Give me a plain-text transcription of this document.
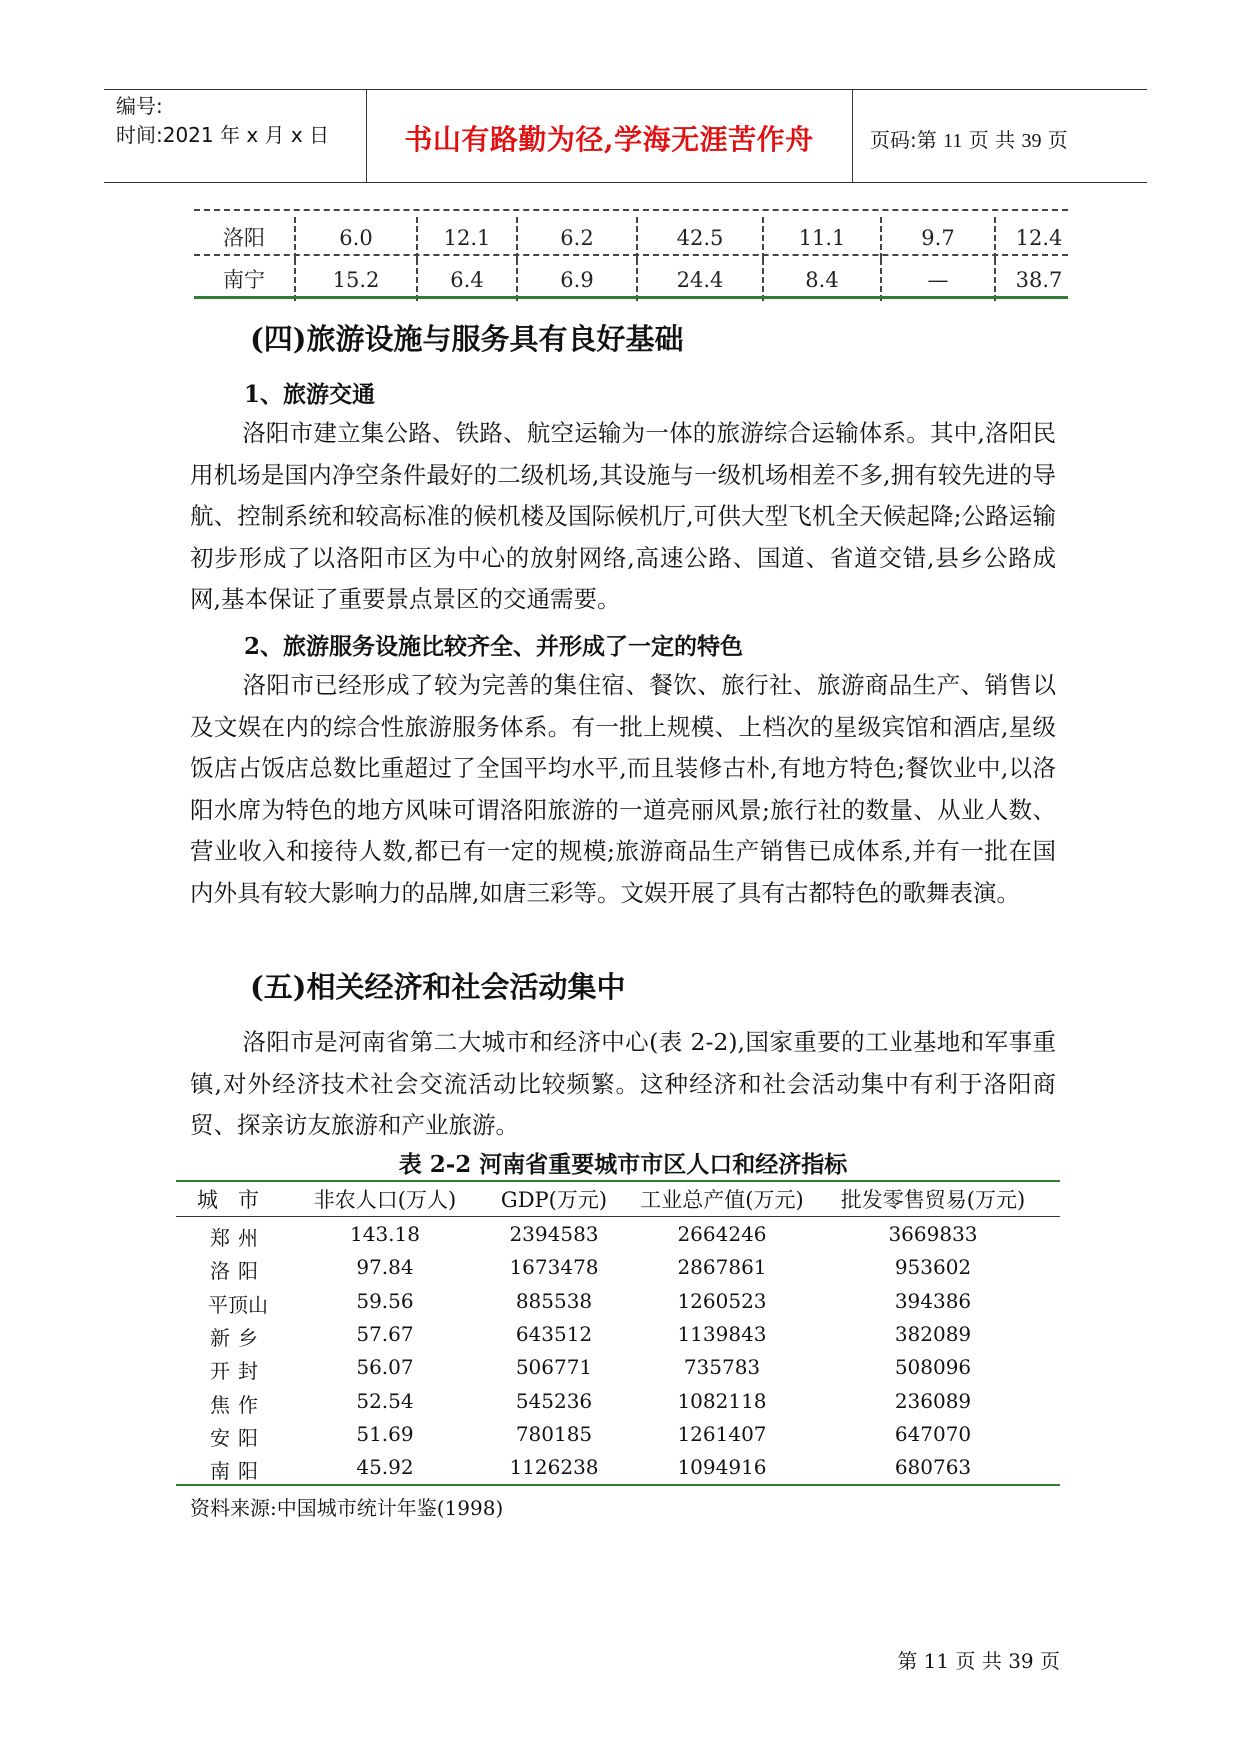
编号:
时间:2021 年 x 月 x 日	书山有路勤为径,学海无涯苦作舟	页码:第 11 页 共 39 页
洛阳	6.0	12.1	6.2	42.5	11.1	9.7	12.4
南宁	15.2	6.4	6.9	24.4	8.4	—	38.7
(四)旅游设施与服务具有良好基础
1、旅游交通
洛阳市建立集公路、铁路、航空运输为一体的旅游综合运输体系。其中,洛阳民用机场是国内净空条件最好的二级机场,其设施与一级机场相差不多,拥有较先进的导航、控制系统和较高标准的候机楼及国际候机厅,可供大型飞机全天候起降;公路运输初步形成了以洛阳市区为中心的放射网络,高速公路、国道、省道交错,县乡公路成网,基本保证了重要景点景区的交通需要。
2、旅游服务设施比较齐全、并形成了一定的特色
洛阳市已经形成了较为完善的集住宿、餐饮、旅行社、旅游商品生产、销售以及文娱在内的综合性旅游服务体系。有一批上规模、上档次的星级宾馆和酒店,星级饭店占饭店总数比重超过了全国平均水平,而且装修古朴,有地方特色;餐饮业中,以洛阳水席为特色的地方风味可谓洛阳旅游的一道亮丽风景;旅行社的数量、从业人数、营业收入和接待人数,都已有一定的规模;旅游商品生产销售已成体系,并有一批在国内外具有较大影响力的品牌,如唐三彩等。文娱开展了具有古都特色的歌舞表演。
(五)相关经济和社会活动集中
洛阳市是河南省第二大城市和经济中心(表 2-2),国家重要的工业基地和军事重镇,对外经济技术社会交流活动比较频繁。这种经济和社会活动集中有利于洛阳商贸、探亲访友旅游和产业旅游。
表 2-2 河南省重要城市市区人口和经济指标
城市	非农人口(万人)	GDP(万元)	工业总产值(万元)	批发零售贸易(万元)
郑州	143.18	2394583	2664246	3669833
洛阳	97.84	1673478	2867861	953602
平顶山	59.56	885538	1260523	394386
新乡	57.67	643512	1139843	382089
开封	56.07	506771	735783	508096
焦作	52.54	545236	1082118	236089
安阳	51.69	780185	1261407	647070
南阳	45.92	1126238	1094916	680763
资料来源:中国城市统计年鉴(1998)
第 11 页 共 39 页
